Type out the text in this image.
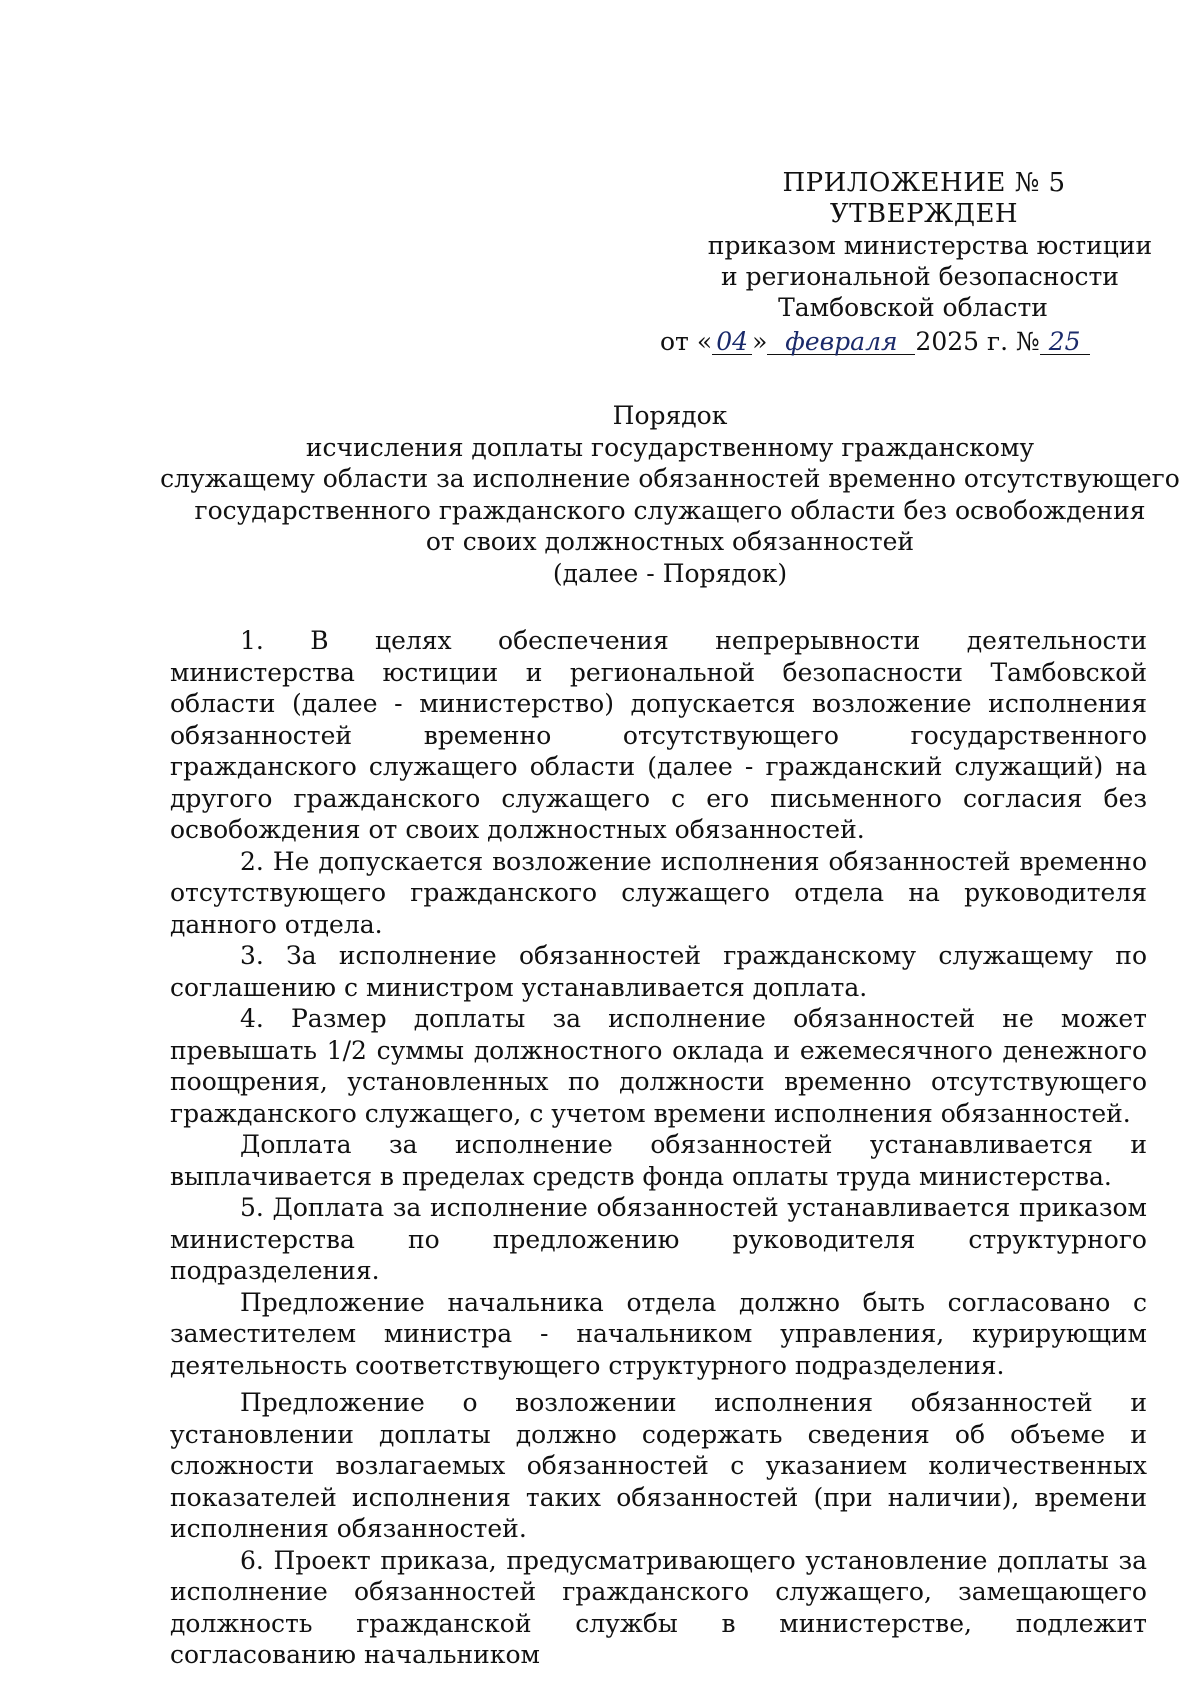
ПРИЛОЖЕНИЕ № 5
УТВЕРЖДЕН
приказом министерства юстиции
и региональной безопасности
Тамбовской области
от « 04 » февраля 2025 г. № 25
Порядок
исчисления доплаты государственному гражданскому
служащему области за исполнение обязанностей временно отсутствующего
государственного гражданского служащего области без освобождения
от своих должностных обязанностей
(далее - Порядок)

1. В целях обеспечения непрерывности деятельности министерства юстиции и региональной безопасности Тамбовской области (далее - министерство) допускается возложение исполнения обязанностей временно отсутствующего государственного гражданского служащего области (далее - гражданский служащий) на другого гражданского служащего с его письменного согласия без освобождения от своих должностных обязанностей.

2. Не допускается возложение исполнения обязанностей временно отсутствующего гражданского служащего отдела на руководителя данного отдела.

3. За исполнение обязанностей гражданскому служащему по соглашению с министром устанавливается доплата.

4. Размер доплаты за исполнение обязанностей не может превышать 1/2 суммы должностного оклада и ежемесячного денежного поощрения, установленных по должности временно отсутствующего гражданского служащего, с учетом времени исполнения обязанностей.

Доплата за исполнение обязанностей устанавливается и выплачивается в пределах средств фонда оплаты труда министерства.

5. Доплата за исполнение обязанностей устанавливается приказом министерства по предложению руководителя структурного подразделения.

Предложение начальника отдела должно быть согласовано с заместителем министра - начальником управления, курирующим деятельность соответствующего структурного подразделения.

Предложение о возложении исполнения обязанностей и установлении доплаты должно содержать сведения об объеме и сложности возлагаемых обязанностей с указанием количественных показателей исполнения таких обязанностей (при наличии), времени исполнения обязанностей.

6. Проект приказа, предусматривающего установление доплаты за исполнение обязанностей гражданского служащего, замещающего должность гражданской службы в министерстве, подлежит согласованию начальником
